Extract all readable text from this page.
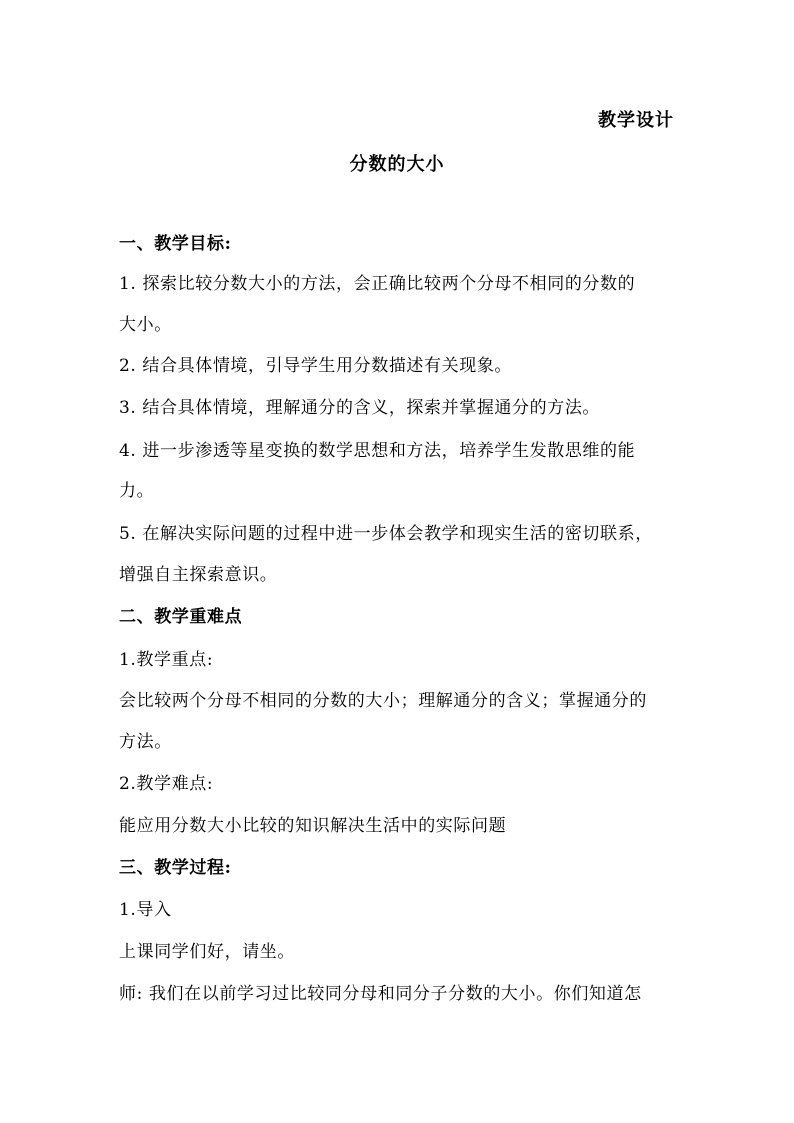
教学设计
分数的大小
一、教学目标:
1. 探索比较分数大小的方法，会正确比较两个分母不相同的分数的
大小。
2. 结合具体情境，引导学生用分数描述有关现象。
3. 结合具体情境，理解通分的含义，探索并掌握通分的方法。
4. 进一步渗透等星变换的数学思想和方法，培养学生发散思维的能
力。
5. 在解决实际问题的过程中进一步体会教学和现实生活的密切联系，
增强自主探索意识。
二、教学重难点
1.教学重点:
会比较两个分母不相同的分数的大小；理解通分的含义；掌握通分的
方法。
2.教学难点:
能应用分数大小比较的知识解决生活中的实际问题
三、教学过程:
1.导入
上课同学们好，请坐。
师: 我们在以前学习过比较同分母和同分子分数的大小。你们知道怎
